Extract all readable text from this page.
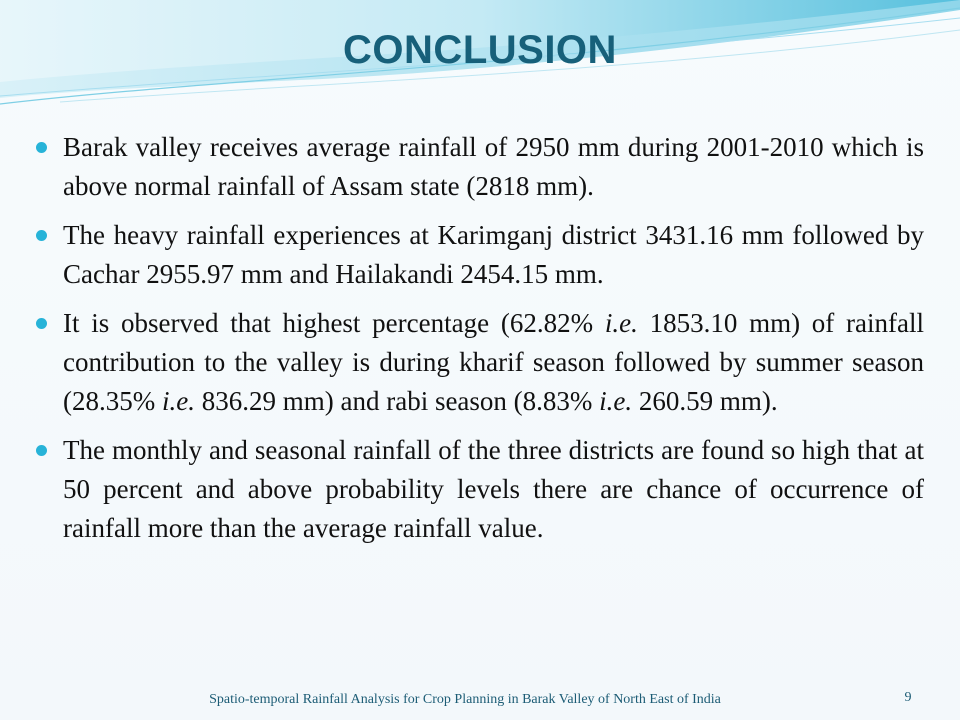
CONCLUSION
Barak valley receives average rainfall of 2950 mm during 2001-2010 which is above normal rainfall of Assam state (2818 mm).
The heavy rainfall experiences at Karimganj district 3431.16 mm followed by Cachar 2955.97 mm and Hailakandi 2454.15 mm.
It is observed that highest percentage (62.82% i.e. 1853.10 mm) of rainfall contribution to the valley is during kharif season followed by summer season (28.35% i.e. 836.29 mm) and rabi season (8.83% i.e. 260.59 mm).
The monthly and seasonal rainfall of the three districts are found so high that at 50 percent and above probability levels there are chance of occurrence of rainfall more than the average rainfall value.
Spatio-temporal Rainfall Analysis for Crop Planning in Barak Valley of North East of India	9
